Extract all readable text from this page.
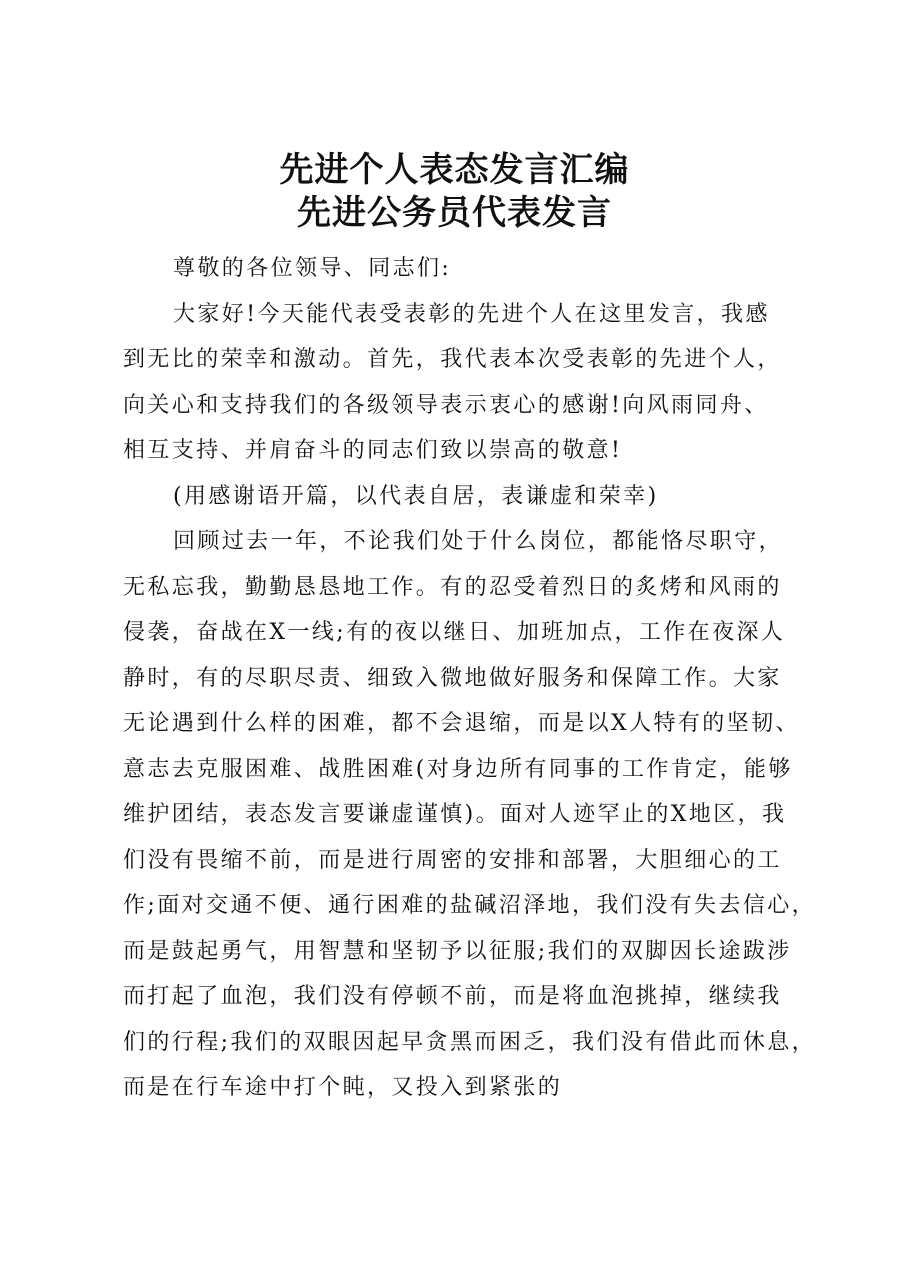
先进个人表态发言汇编
先进公务员代表发言
尊敬的各位领导、同志们:
大家好!今天能代表受表彰的先进个人在这里发言，我感
到无比的荣幸和激动。首先，我代表本次受表彰的先进个人，
向关心和支持我们的各级领导表示衷心的感谢!向风雨同舟、
相互支持、并肩奋斗的同志们致以崇高的敬意!
(用感谢语开篇，以代表自居，表谦虚和荣幸)
回顾过去一年，不论我们处于什么岗位，都能恪尽职守，
无私忘我，勤勤恳恳地工作。有的忍受着烈日的炙烤和风雨的
侵袭，奋战在X一线;有的夜以继日、加班加点，工作在夜深人
静时，有的尽职尽责、细致入微地做好服务和保障工作。大家
无论遇到什么样的困难，都不会退缩，而是以X人特有的坚韧、
意志去克服困难、战胜困难(对身边所有同事的工作肯定，能够
维护团结，表态发言要谦虚谨慎)。面对人迹罕止的X地区，我
们没有畏缩不前，而是进行周密的安排和部署，大胆细心的工
作;面对交通不便、通行困难的盐碱沼泽地，我们没有失去信心，
而是鼓起勇气，用智慧和坚韧予以征服;我们的双脚因长途跋涉
而打起了血泡，我们没有停顿不前，而是将血泡挑掉，继续我
们的行程;我们的双眼因起早贪黑而困乏，我们没有借此而休息，
而是在行车途中打个盹，又投入到紧张的
